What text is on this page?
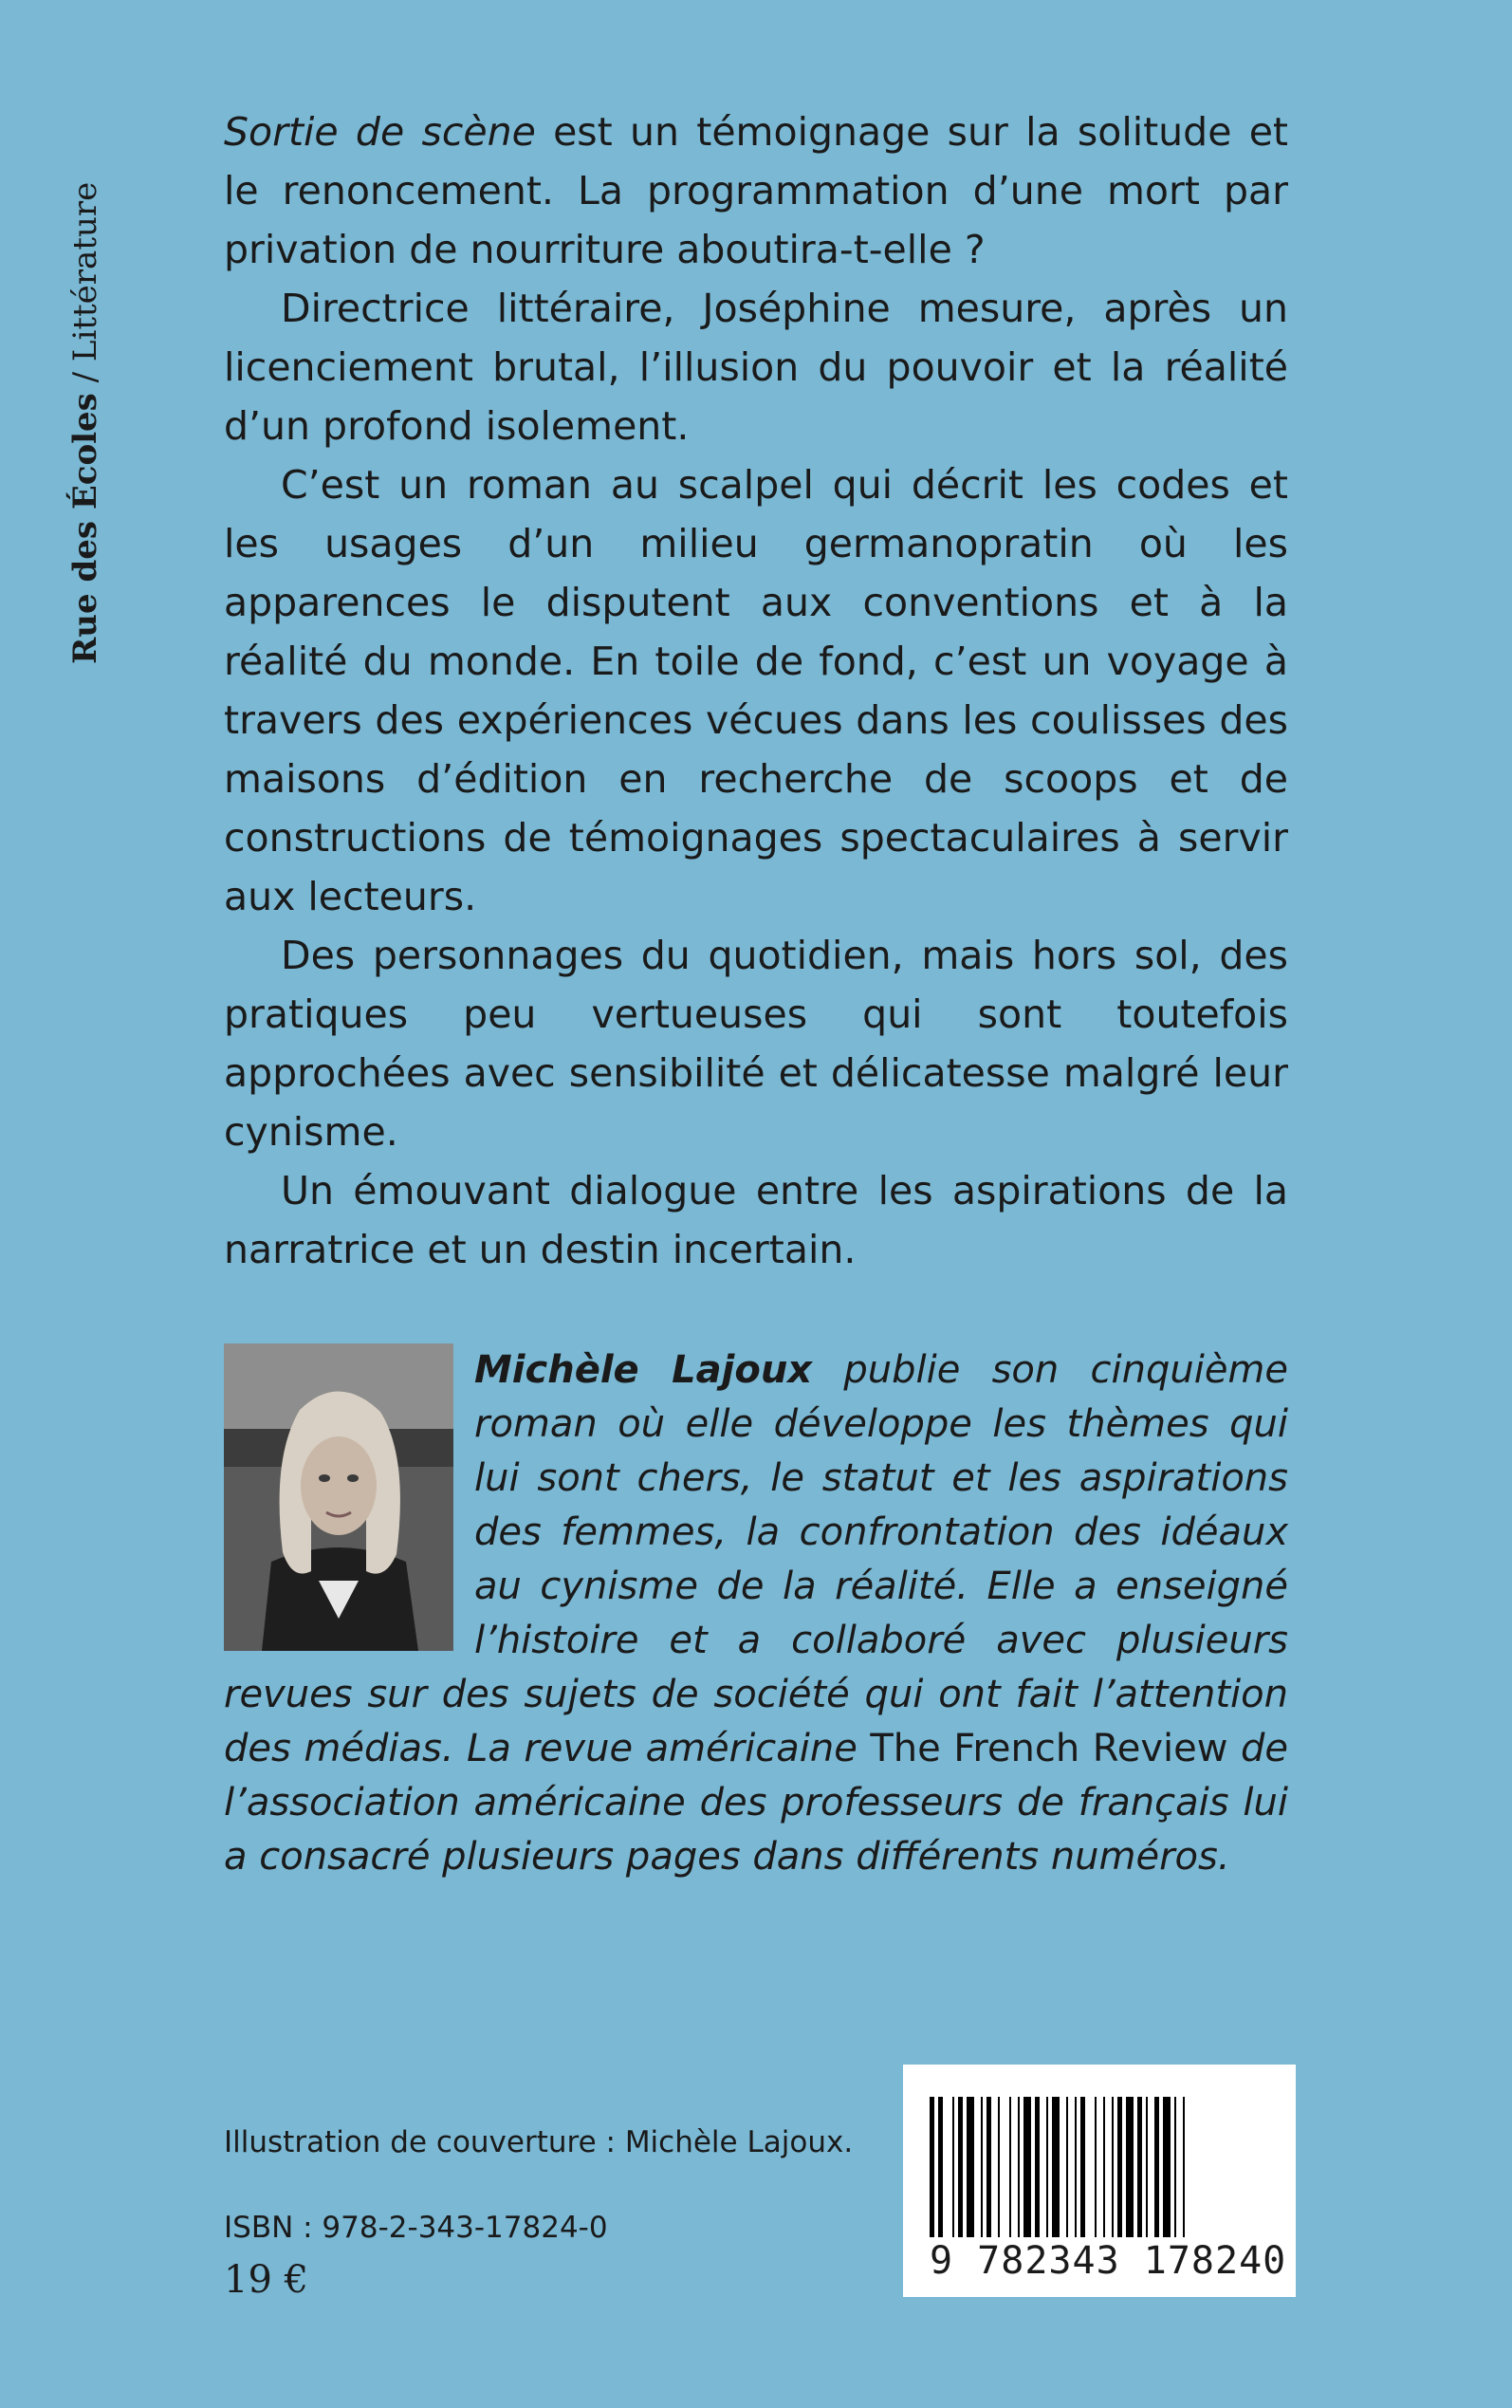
Rue des Écoles / Littérature

Sortie de scène est un témoignage sur la solitude et le renoncement. La programmation d’une mort par privation de nourriture aboutira-t-elle ?

Directrice littéraire, Joséphine mesure, après un licenciement brutal, l’illusion du pouvoir et la réalité d’un profond isolement.

C’est un roman au scalpel qui décrit les codes et les usages d’un milieu germanopratin où les apparences le disputent aux conventions et à la réalité du monde. En toile de fond, c’est un voyage à travers des expériences vécues dans les coulisses des maisons d’édition en recherche de scoops et de constructions de témoignages spectaculaires à servir aux lecteurs.

Des personnages du quotidien, mais hors sol, des pratiques peu vertueuses qui sont toutefois approchées avec sensibilité et délicatesse malgré leur cynisme.

Un émouvant dialogue entre les aspirations de la narratrice et un destin incertain.

Michèle Lajoux publie son cinquième roman où elle développe les thèmes qui lui sont chers, le statut et les aspirations des femmes, la confrontation des idéaux au cynisme de la réalité. Elle a enseigné l’histoire et a collaboré avec plusieurs revues sur des sujets de société qui ont fait l’attention des médias. La revue américaine The French Review de l’association américaine des professeurs de français lui a consacré plusieurs pages dans différents numéros.
Illustration de couverture : Michèle Lajoux.
ISBN : 978-2-343-17824-0
19 €	9 782343 178240
